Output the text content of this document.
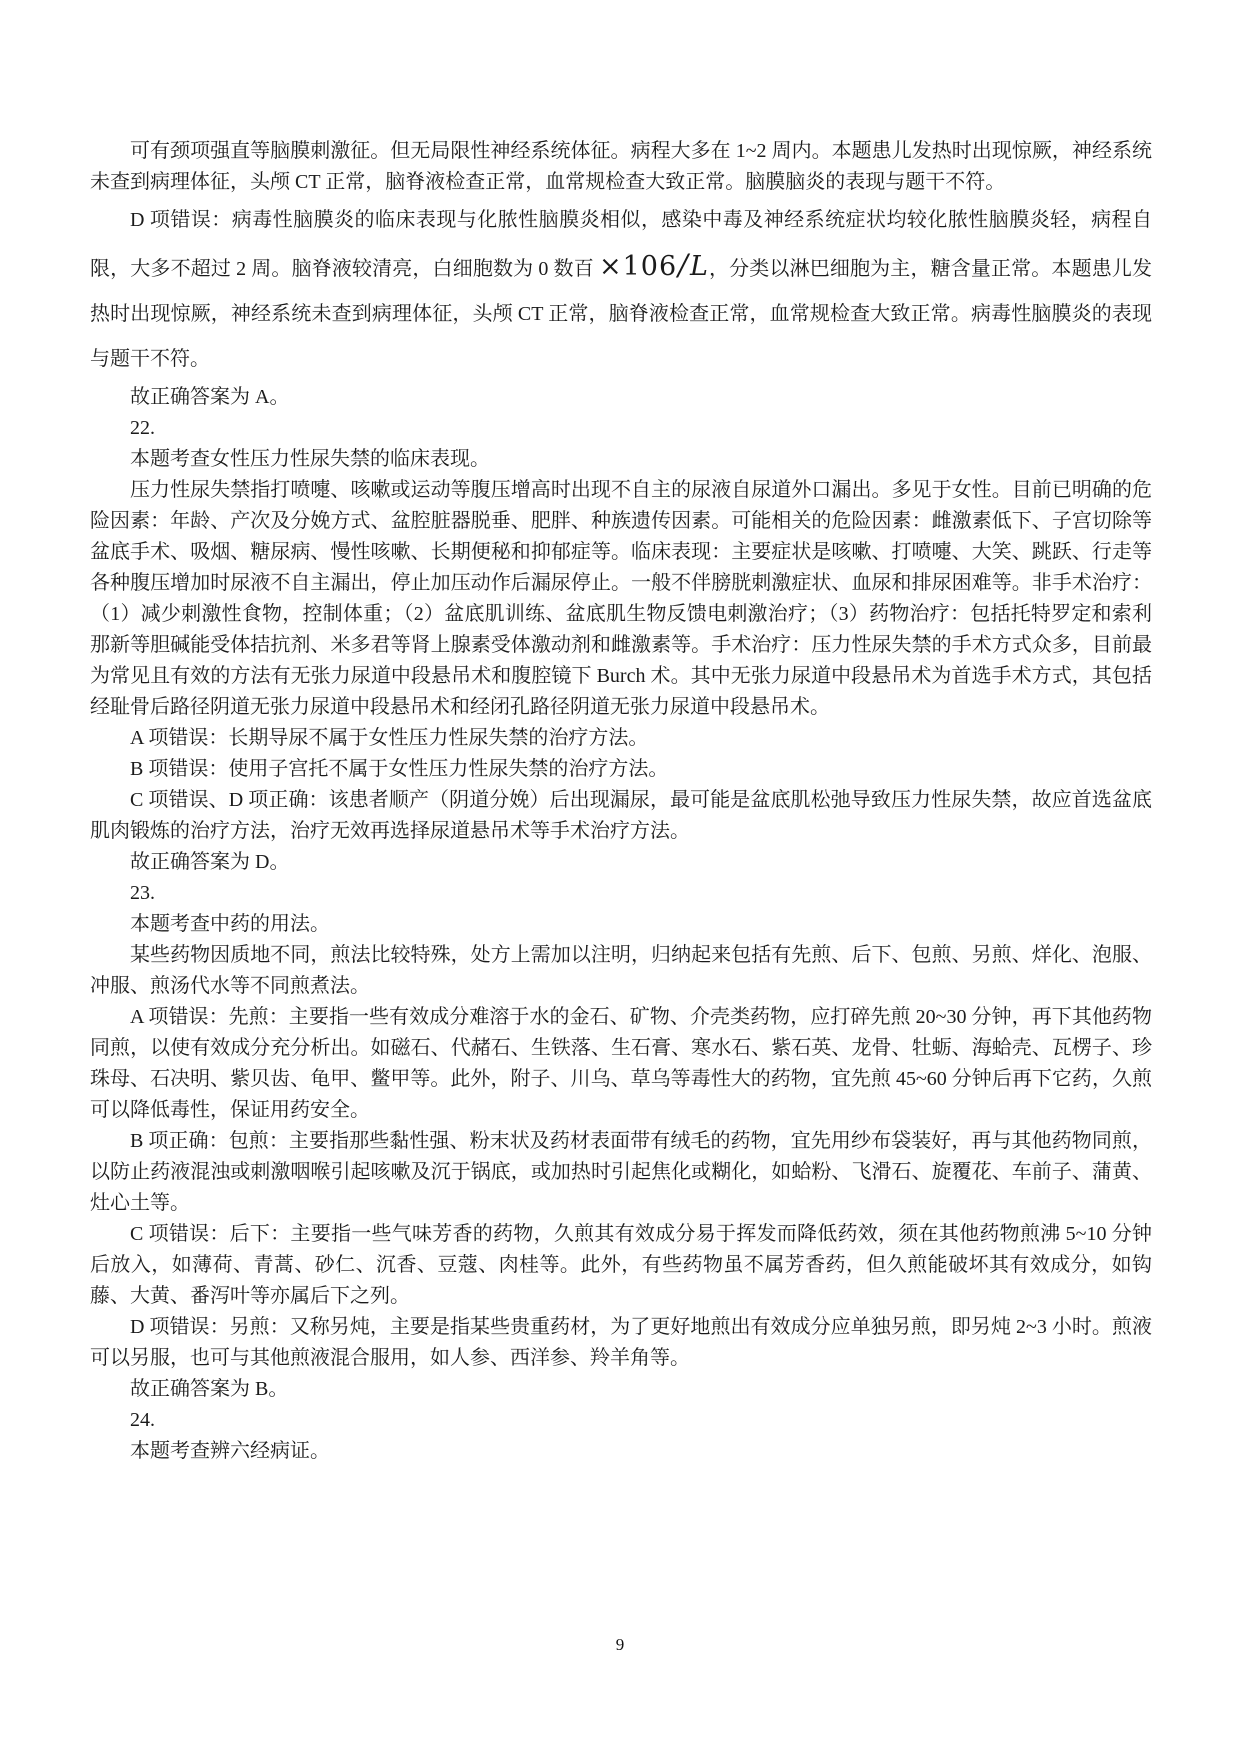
可有颈项强直等脑膜刺激征。但无局限性神经系统体征。病程大多在 1~2 周内。本题患儿发热时出现惊厥，神经系统未查到病理体征，头颅 CT 正常，脑脊液检查正常，血常规检查大致正常。脑膜脑炎的表现与题干不符。

D 项错误：病毒性脑膜炎的临床表现与化脓性脑膜炎相似，感染中毒及神经系统症状均较化脓性脑膜炎轻，病程自限，大多不超过 2 周。脑脊液较清亮，白细胞数为 0 数百 ×106/L，分类以淋巴细胞为主，糖含量正常。本题患儿发热时出现惊厥，神经系统未查到病理体征，头颅 CT 正常，脑脊液检查正常，血常规检查大致正常。病毒性脑膜炎的表现与题干不符。

故正确答案为 A。

22.

本题考查女性压力性尿失禁的临床表现。

压力性尿失禁指打喷嚏、咳嗽或运动等腹压增高时出现不自主的尿液自尿道外口漏出。多见于女性。目前已明确的危险因素：年龄、产次及分娩方式、盆腔脏器脱垂、肥胖、种族遗传因素。可能相关的危险因素：雌激素低下、子宫切除等盆底手术、吸烟、糖尿病、慢性咳嗽、长期便秘和抑郁症等。临床表现：主要症状是咳嗽、打喷嚏、大笑、跳跃、行走等各种腹压增加时尿液不自主漏出，停止加压动作后漏尿停止。一般不伴膀胱刺激症状、血尿和排尿困难等。非手术治疗：（1）减少刺激性食物，控制体重；（2）盆底肌训练、盆底肌生物反馈电刺激治疗；（3）药物治疗：包括托特罗定和索利那新等胆碱能受体拮抗剂、米多君等肾上腺素受体激动剂和雌激素等。手术治疗：压力性尿失禁的手术方式众多，目前最为常见且有效的方法有无张力尿道中段悬吊术和腹腔镜下 Burch 术。其中无张力尿道中段悬吊术为首选手术方式，其包括经耻骨后路径阴道无张力尿道中段悬吊术和经闭孔路径阴道无张力尿道中段悬吊术。

A 项错误：长期导尿不属于女性压力性尿失禁的治疗方法。

B 项错误：使用子宫托不属于女性压力性尿失禁的治疗方法。

C 项错误、D 项正确：该患者顺产（阴道分娩）后出现漏尿，最可能是盆底肌松弛导致压力性尿失禁，故应首选盆底肌肉锻炼的治疗方法，治疗无效再选择尿道悬吊术等手术治疗方法。

故正确答案为 D。

23.

本题考查中药的用法。

某些药物因质地不同，煎法比较特殊，处方上需加以注明，归纳起来包括有先煎、后下、包煎、另煎、烊化、泡服、冲服、煎汤代水等不同煎煮法。

A 项错误：先煎：主要指一些有效成分难溶于水的金石、矿物、介壳类药物，应打碎先煎 20~30 分钟，再下其他药物同煎，以使有效成分充分析出。如磁石、代赭石、生铁落、生石膏、寒水石、紫石英、龙骨、牡蛎、海蛤壳、瓦楞子、珍珠母、石决明、紫贝齿、龟甲、鳖甲等。此外，附子、川乌、草乌等毒性大的药物，宜先煎 45~60 分钟后再下它药，久煎可以降低毒性，保证用药安全。

B 项正确：包煎：主要指那些黏性强、粉末状及药材表面带有绒毛的药物，宜先用纱布袋装好，再与其他药物同煎，以防止药液混浊或刺激咽喉引起咳嗽及沉于锅底，或加热时引起焦化或糊化，如蛤粉、飞滑石、旋覆花、车前子、蒲黄、灶心土等。

C 项错误：后下：主要指一些气味芳香的药物，久煎其有效成分易于挥发而降低药效，须在其他药物煎沸 5~10 分钟后放入，如薄荷、青蒿、砂仁、沉香、豆蔻、肉桂等。此外，有些药物虽不属芳香药，但久煎能破坏其有效成分，如钩藤、大黄、番泻叶等亦属后下之列。

D 项错误：另煎：又称另炖，主要是指某些贵重药材，为了更好地煎出有效成分应单独另煎，即另炖 2~3 小时。煎液可以另服，也可与其他煎液混合服用，如人参、西洋参、羚羊角等。

故正确答案为 B。

24.

本题考查辨六经病证。

9
